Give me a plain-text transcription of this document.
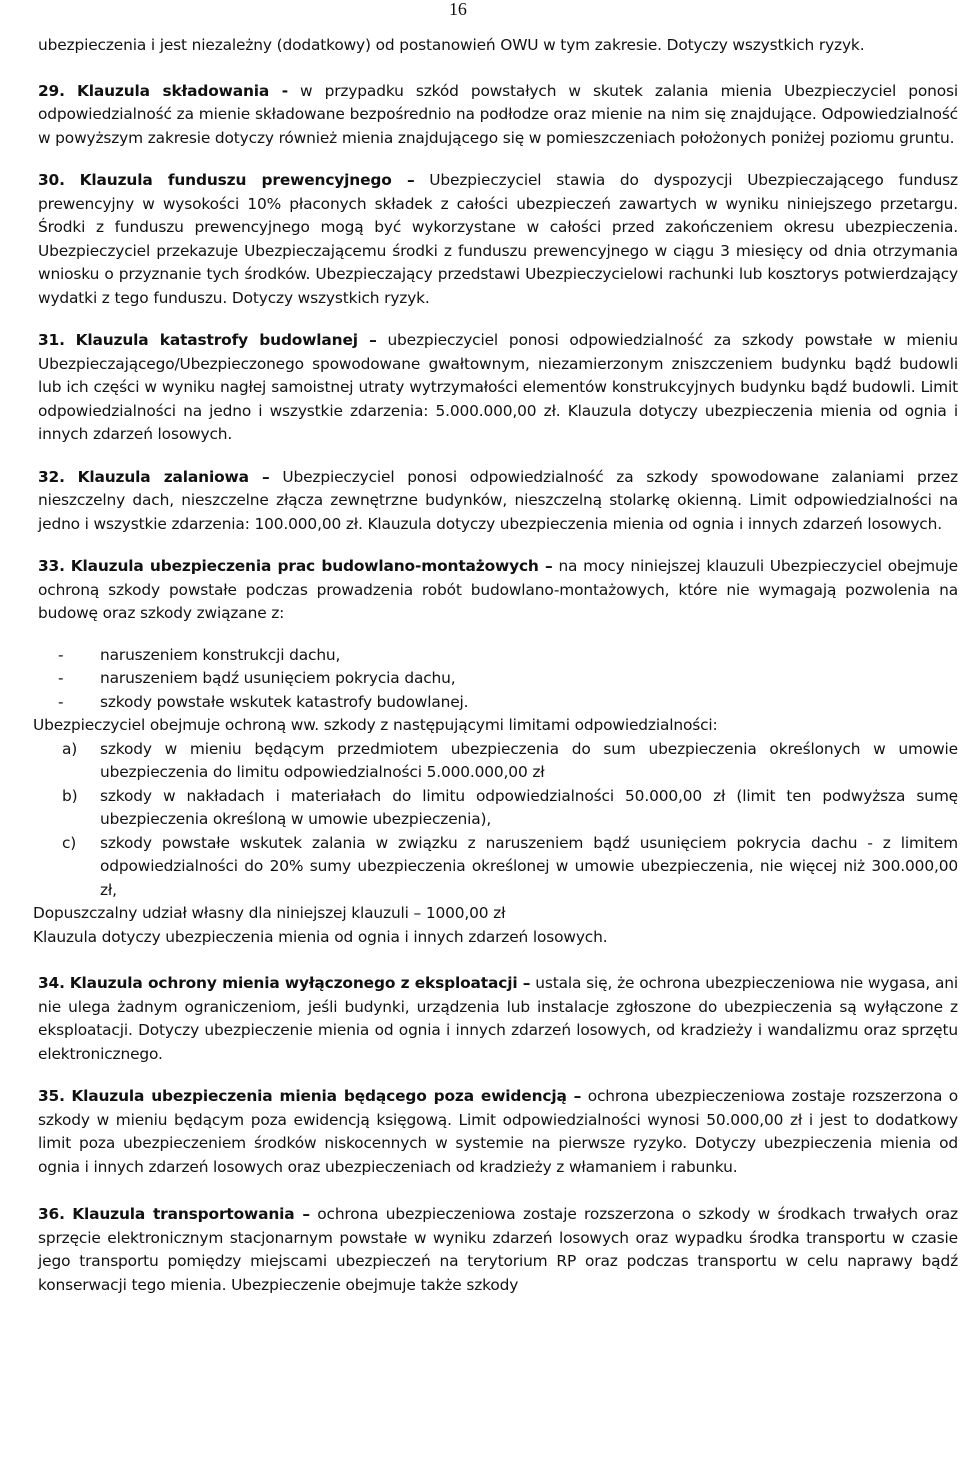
16

ubezpieczenia i jest niezależny (dodatkowy) od postanowień OWU w tym zakresie. Dotyczy wszystkich ryzyk.

29. Klauzula składowania - w przypadku szkód powstałych w skutek zalania mienia Ubezpieczyciel ponosi odpowiedzialność za mienie składowane bezpośrednio na podłodze oraz mienie na nim się znajdujące. Odpowiedzialność w powyższym zakresie dotyczy również mienia znajdującego się w pomieszczeniach położonych poniżej poziomu gruntu.

30. Klauzula funduszu prewencyjnego – Ubezpieczyciel stawia do dyspozycji Ubezpieczającego fundusz prewencyjny w wysokości 10% płaconych składek z całości ubezpieczeń zawartych w wyniku niniejszego przetargu. Środki z funduszu prewencyjnego mogą być wykorzystane w całości przed zakończeniem okresu ubezpieczenia. Ubezpieczyciel przekazuje Ubezpieczającemu środki z funduszu prewencyjnego w ciągu 3 miesięcy od dnia otrzymania wniosku o przyznanie tych środków. Ubezpieczający przedstawi Ubezpieczycielowi rachunki lub kosztorys potwierdzający wydatki z tego funduszu. Dotyczy wszystkich ryzyk.

31. Klauzula katastrofy budowlanej – ubezpieczyciel ponosi odpowiedzialność za szkody powstałe w mieniu Ubezpieczającego/Ubezpieczonego spowodowane gwałtownym, niezamierzonym zniszczeniem budynku bądź budowli lub ich części w wyniku nagłej samoistnej utraty wytrzymałości elementów konstrukcyjnych budynku bądź budowli. Limit odpowiedzialności na jedno i wszystkie zdarzenia: 5.000.000,00 zł. Klauzula dotyczy ubezpieczenia mienia od ognia i innych zdarzeń losowych.

32. Klauzula zalaniowa – Ubezpieczyciel ponosi odpowiedzialność za szkody spowodowane zalaniami przez nieszczelny dach, nieszczelne złącza zewnętrzne budynków, nieszczelną stolarkę okienną. Limit odpowiedzialności na jedno i wszystkie zdarzenia: 100.000,00 zł. Klauzula dotyczy ubezpieczenia mienia od ognia i innych zdarzeń losowych.

33. Klauzula ubezpieczenia prac budowlano-montażowych – na mocy niniejszej klauzuli Ubezpieczyciel obejmuje ochroną szkody powstałe podczas prowadzenia robót budowlano-montażowych, które nie wymagają pozwolenia na budowę oraz szkody związane z:

- naruszeniem konstrukcji dachu,
- naruszeniem bądź usunięciem pokrycia dachu,
- szkody powstałe wskutek katastrofy budowlanej.

Ubezpieczyciel obejmuje ochroną ww. szkody z następującymi limitami odpowiedzialności:

a) szkody w mieniu będącym przedmiotem ubezpieczenia do sum ubezpieczenia określonych w umowie ubezpieczenia do limitu odpowiedzialności 5.000.000,00 zł
b) szkody w nakładach i materiałach do limitu odpowiedzialności 50.000,00 zł (limit ten podwyższa sumę ubezpieczenia określoną w umowie ubezpieczenia),
c) szkody powstałe wskutek zalania w związku z naruszeniem bądź usunięciem pokrycia dachu - z limitem odpowiedzialności do 20% sumy ubezpieczenia określonej w umowie ubezpieczenia, nie więcej niż 300.000,00 zł,

Dopuszczalny udział własny dla niniejszej klauzuli – 1000,00 zł

Klauzula dotyczy ubezpieczenia mienia od ognia i innych zdarzeń losowych.

34. Klauzula ochrony mienia wyłączonego z eksploatacji – ustala się, że ochrona ubezpieczeniowa nie wygasa, ani nie ulega żadnym ograniczeniom, jeśli budynki, urządzenia lub instalacje zgłoszone do ubezpieczenia są wyłączone z eksploatacji. Dotyczy ubezpieczenie mienia od ognia i innych zdarzeń losowych, od kradzieży i wandalizmu oraz sprzętu elektronicznego.

35. Klauzula ubezpieczenia mienia będącego poza ewidencją – ochrona ubezpieczeniowa zostaje rozszerzona o szkody w mieniu będącym poza ewidencją księgową. Limit odpowiedzialności wynosi 50.000,00 zł i jest to dodatkowy limit poza ubezpieczeniem środków niskocennych w systemie na pierwsze ryzyko. Dotyczy ubezpieczenia mienia od ognia i innych zdarzeń losowych oraz ubezpieczeniach od kradzieży z włamaniem i rabunku.

36. Klauzula transportowania – ochrona ubezpieczeniowa zostaje rozszerzona o szkody w środkach trwałych oraz sprzęcie elektronicznym stacjonarnym powstałe w wyniku zdarzeń losowych oraz wypadku środka transportu w czasie jego transportu pomiędzy miejscami ubezpieczeń na terytorium RP oraz podczas transportu w celu naprawy bądź konserwacji tego mienia. Ubezpieczenie obejmuje także szkody
